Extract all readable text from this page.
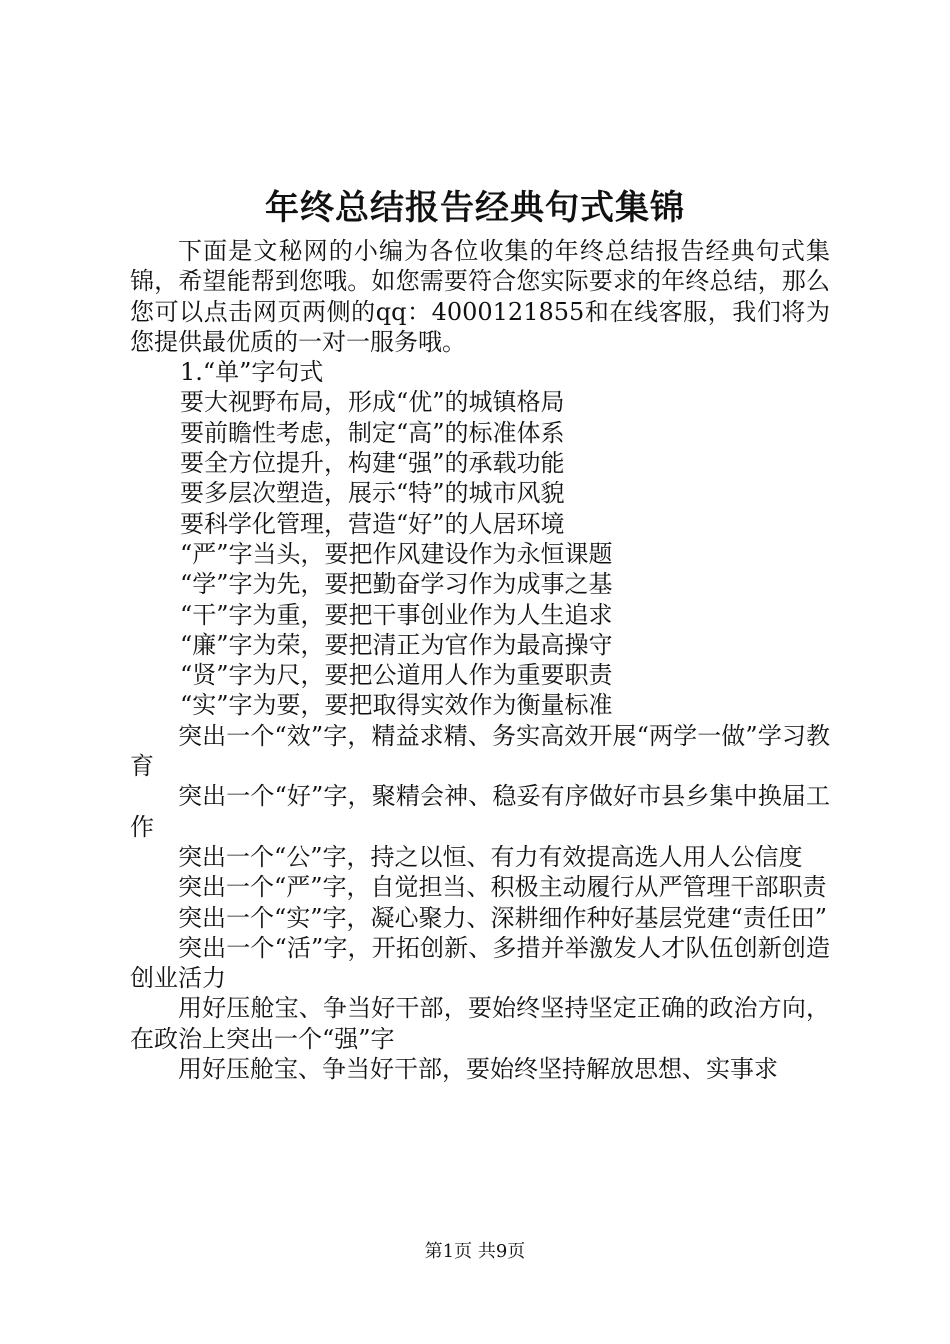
年终总结报告经典句式集锦

下面是文秘网的小编为各位收集的年终总结报告经典句式集锦，希望能帮到您哦。如您需要符合您实际要求的年终总结，那么您可以点击网页两侧的qq：4000121855和在线客服，我们将为您提供最优质的一对一服务哦。

1.“单”字句式

要大视野布局，形成“优”的城镇格局

要前瞻性考虑，制定“高”的标准体系

要全方位提升，构建“强”的承载功能

要多层次塑造，展示“特”的城市风貌

要科学化管理，营造“好”的人居环境

“严”字当头，要把作风建设作为永恒课题

“学”字为先，要把勤奋学习作为成事之基

“干”字为重，要把干事创业作为人生追求

“廉”字为荣，要把清正为官作为最高操守

“贤”字为尺，要把公道用人作为重要职责

“实”字为要，要把取得实效作为衡量标准

突出一个“效”字，精益求精、务实高效开展“两学一做”学习教育

突出一个“好”字，聚精会神、稳妥有序做好市县乡集中换届工作

突出一个“公”字，持之以恒、有力有效提高选人用人公信度

突出一个“严”字，自觉担当、积极主动履行从严管理干部职责

突出一个“实”字，凝心聚力、深耕细作种好基层党建“责任田”

突出一个“活”字，开拓创新、多措并举激发人才队伍创新创造创业活力

用好压舱宝、争当好干部，要始终坚持坚定正确的政治方向，在政治上突出一个“强”字

用好压舱宝、争当好干部，要始终坚持解放思想、实事求

第1页 共9页
